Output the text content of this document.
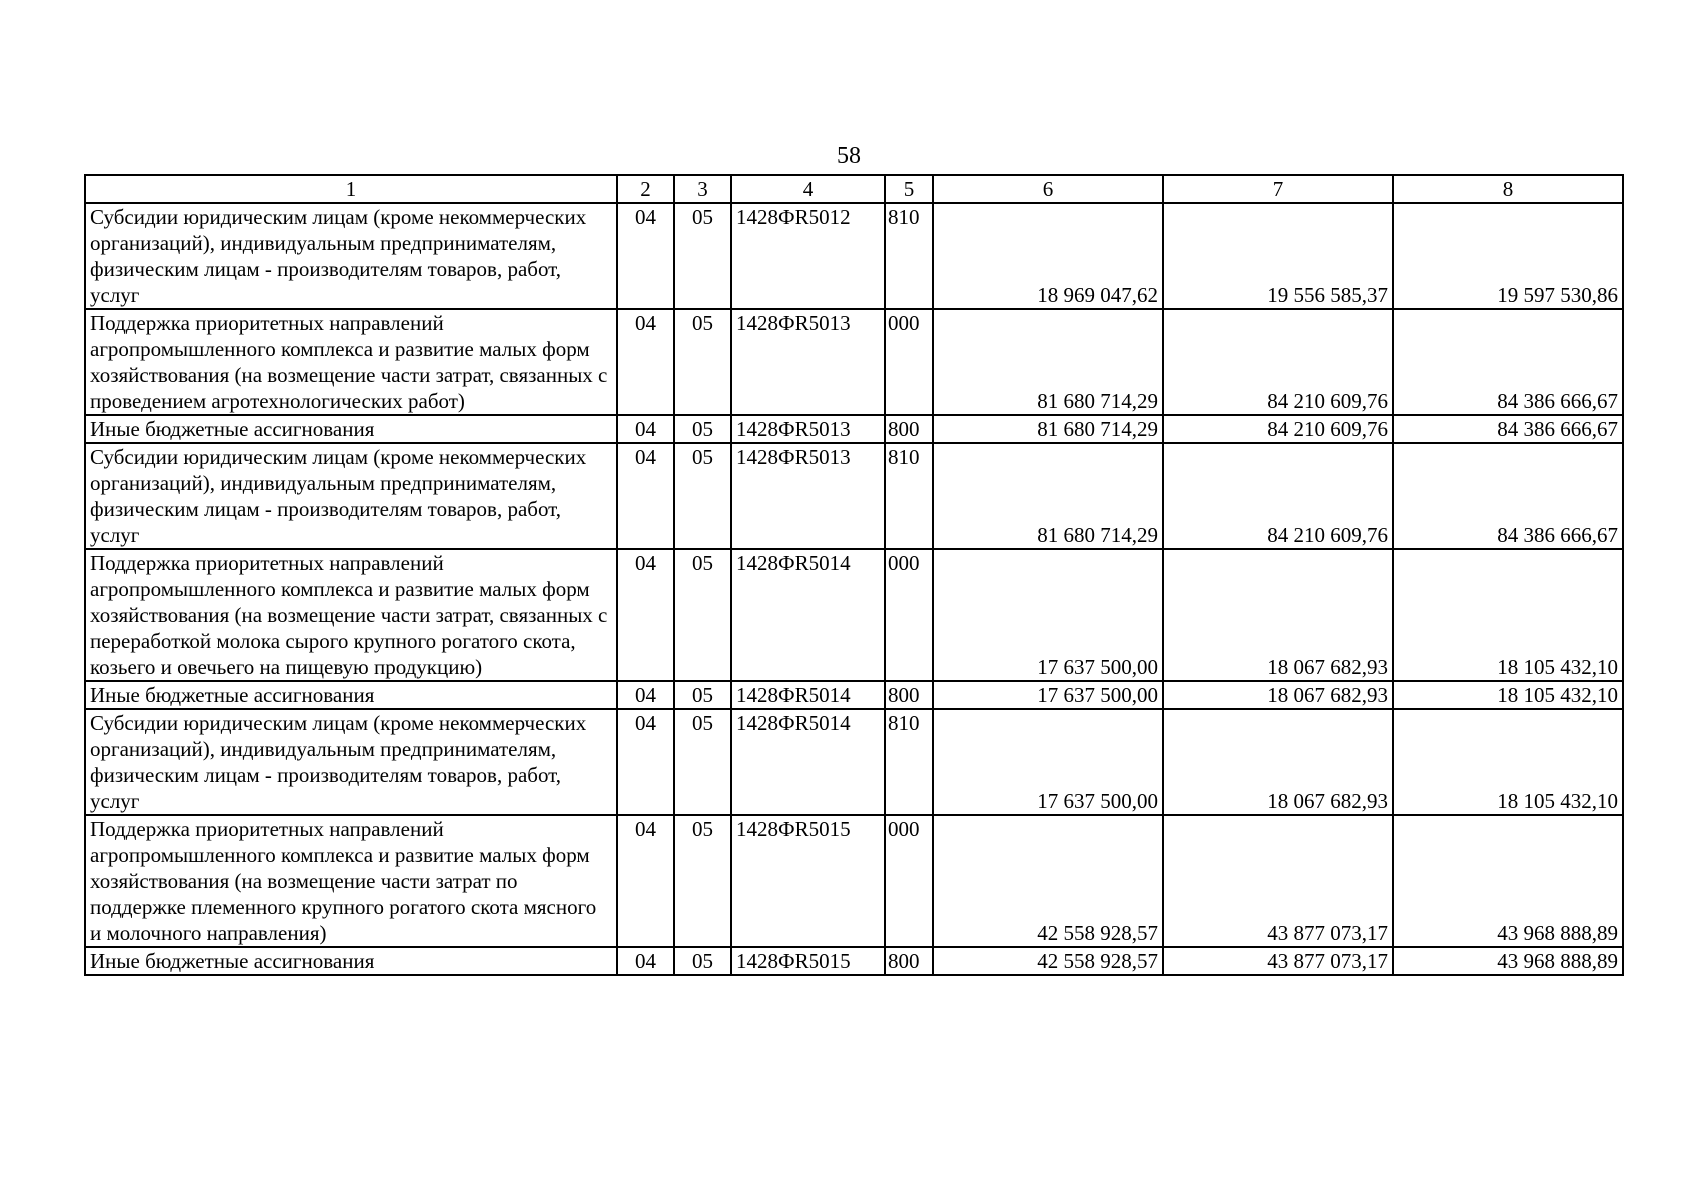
58
1	2	3	4	5	6	7	8
Субсидии юридическим лицам (кроме некоммерческих организаций), индивидуальным предпринимателям, физическим лицам - производителям товаров, работ, услуг	04	05	1428ФR5012	810	18 969 047,62	19 556 585,37	19 597 530,86
Поддержка приоритетных направлений агропромышленного комплекса и развитие малых форм хозяйствования (на возмещение части затрат, связанных с проведением агротехнологических работ)	04	05	1428ФR5013	000	81 680 714,29	84 210 609,76	84 386 666,67
Иные бюджетные ассигнования	04	05	1428ФR5013	800	81 680 714,29	84 210 609,76	84 386 666,67
Субсидии юридическим лицам (кроме некоммерческих организаций), индивидуальным предпринимателям, физическим лицам - производителям товаров, работ, услуг	04	05	1428ФR5013	810	81 680 714,29	84 210 609,76	84 386 666,67
Поддержка приоритетных направлений агропромышленного комплекса и развитие малых форм хозяйствования (на возмещение части затрат, связанных с переработкой молока сырого крупного рогатого скота, козьего и овечьего на пищевую продукцию)	04	05	1428ФR5014	000	17 637 500,00	18 067 682,93	18 105 432,10
Иные бюджетные ассигнования	04	05	1428ФR5014	800	17 637 500,00	18 067 682,93	18 105 432,10
Субсидии юридическим лицам (кроме некоммерческих организаций), индивидуальным предпринимателям, физическим лицам - производителям товаров, работ, услуг	04	05	1428ФR5014	810	17 637 500,00	18 067 682,93	18 105 432,10
Поддержка приоритетных направлений агропромышленного комплекса и развитие малых форм хозяйствования (на возмещение части затрат по поддержке племенного крупного рогатого скота мясного и молочного направления)	04	05	1428ФR5015	000	42 558 928,57	43 877 073,17	43 968 888,89
Иные бюджетные ассигнования	04	05	1428ФR5015	800	42 558 928,57	43 877 073,17	43 968 888,89
